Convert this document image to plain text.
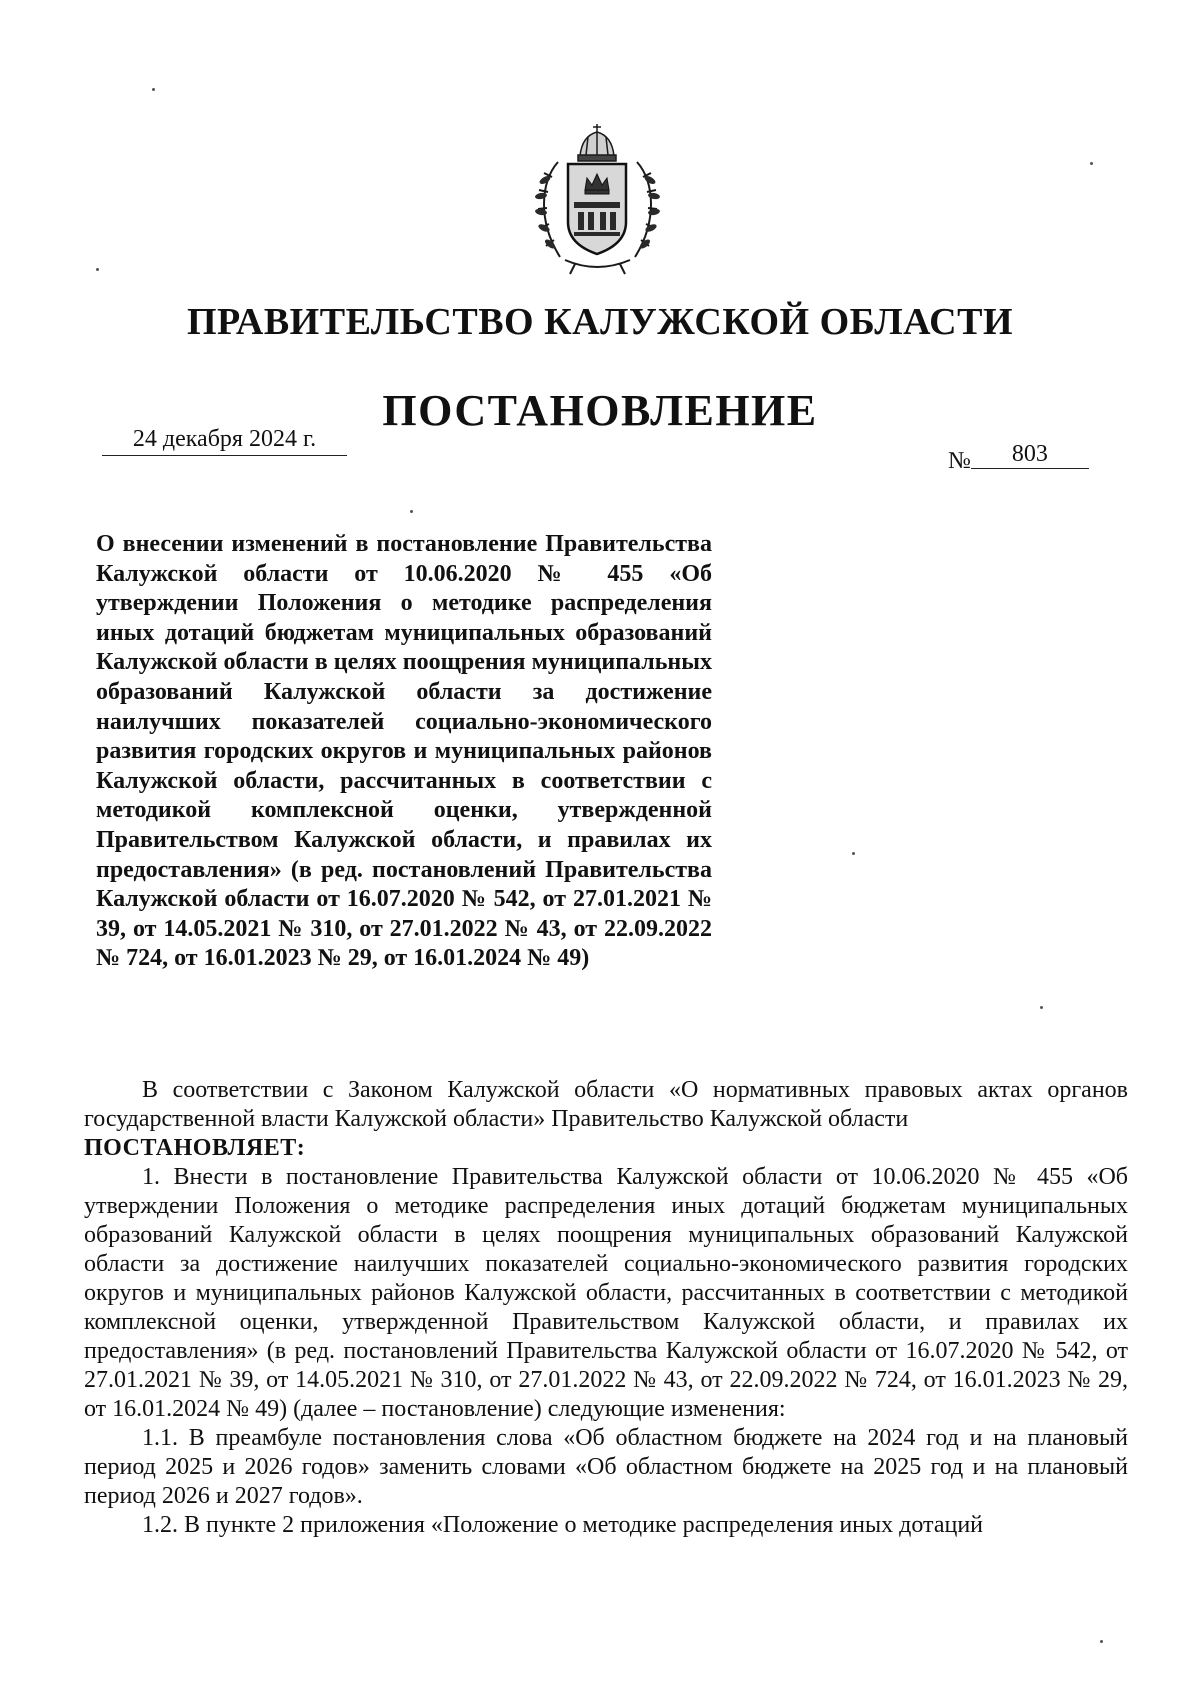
ПРАВИТЕЛЬСТВО КАЛУЖСКОЙ ОБЛАСТИ
ПОСТАНОВЛЕНИЕ
24 декабря 2024 г.
№ 803
О внесении изменений в постановление Правительства Калужской области от 10.06.2020 № 455 «Об утверждении Положения о методике распределения иных дотаций бюджетам муниципальных образований Калужской области в целях поощрения муниципальных образований Калужской области за достижение наилучших показателей социально-экономического развития городских округов и муниципальных районов Калужской области, рассчитанных в соответствии с методикой комплексной оценки, утвержденной Правительством Калужской области, и правилах их предоставления» (в ред. постановлений Правительства Калужской области от 16.07.2020 № 542, от 27.01.2021 № 39, от 14.05.2021 № 310, от 27.01.2022 № 43, от 22.09.2022 № 724, от 16.01.2023 № 29, от 16.01.2024 № 49)

В соответствии с Законом Калужской области «О нормативных правовых актах органов государственной власти Калужской области» Правительство Калужской области

ПОСТАНОВЛЯЕТ:

1. Внести в постановление Правительства Калужской области от 10.06.2020 № 455 «Об утверждении Положения о методике распределения иных дотаций бюджетам муниципальных образований Калужской области в целях поощрения муниципальных образований Калужской области за достижение наилучших показателей социально-экономического развития городских округов и муниципальных районов Калужской области, рассчитанных в соответствии с методикой комплексной оценки, утвержденной Правительством Калужской области, и правилах их предоставления» (в ред. постановлений Правительства Калужской области от 16.07.2020 № 542, от 27.01.2021 № 39, от 14.05.2021 № 310, от 27.01.2022 № 43, от 22.09.2022 № 724, от 16.01.2023 № 29, от 16.01.2024 № 49) (далее – постановление) следующие изменения:

1.1. В преамбуле постановления слова «Об областном бюджете на 2024 год и на плановый период 2025 и 2026 годов» заменить словами «Об областном бюджете на 2025 год и на плановый период 2026 и 2027 годов».

1.2. В пункте 2 приложения «Положение о методике распределения иных дотаций
